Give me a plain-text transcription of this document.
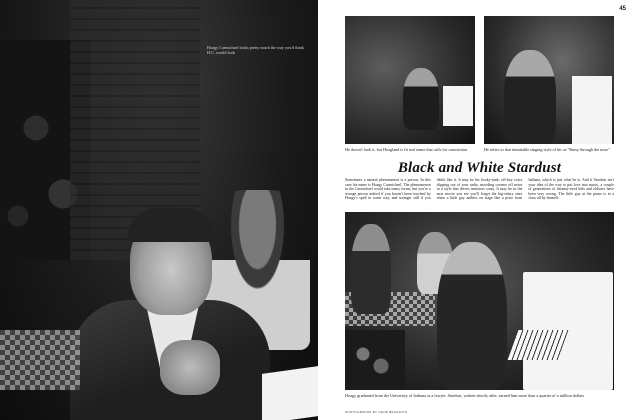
Hoagy Carmichael looks pretty much the way you'd think H.C. would look
45
He doesn't look it, but Hoagland is fit real name that calls for contraction	He refers to that inimitable singing style of his as "Butsy through the nose"
Black and White Stardust
Sometimes a natural phenomenon is a person. In this case his name is Hoagy Carmichael. The phenomenon in the Carmichael world take many forms, but you're a strange person indeed if you haven't been touched by Hoagy's spell in some way, and stranger still if you didn't like it. It may be his hooky-junk, off-key voice slipping out of your radio, mooding corners off notes in a style that drives imitators crazy. It may be in the next movie you see you'll forget the big-salary stars when a little guy ambles on stage like a pixie from Indiana, which is just what he is. And if Stardust isn't your idea of the way to put love into music, a couple of generations of dreamy-eyed kids and oldsters have been very wrong. The little guy at the piano is in a class all by himself.
Hoagy graduated from the University of Indiana as a lawyer. Stardust, written shortly after, earned him more than a quarter of a million dollars
PHOTOGRAPHS BY GENE BECKWITH
